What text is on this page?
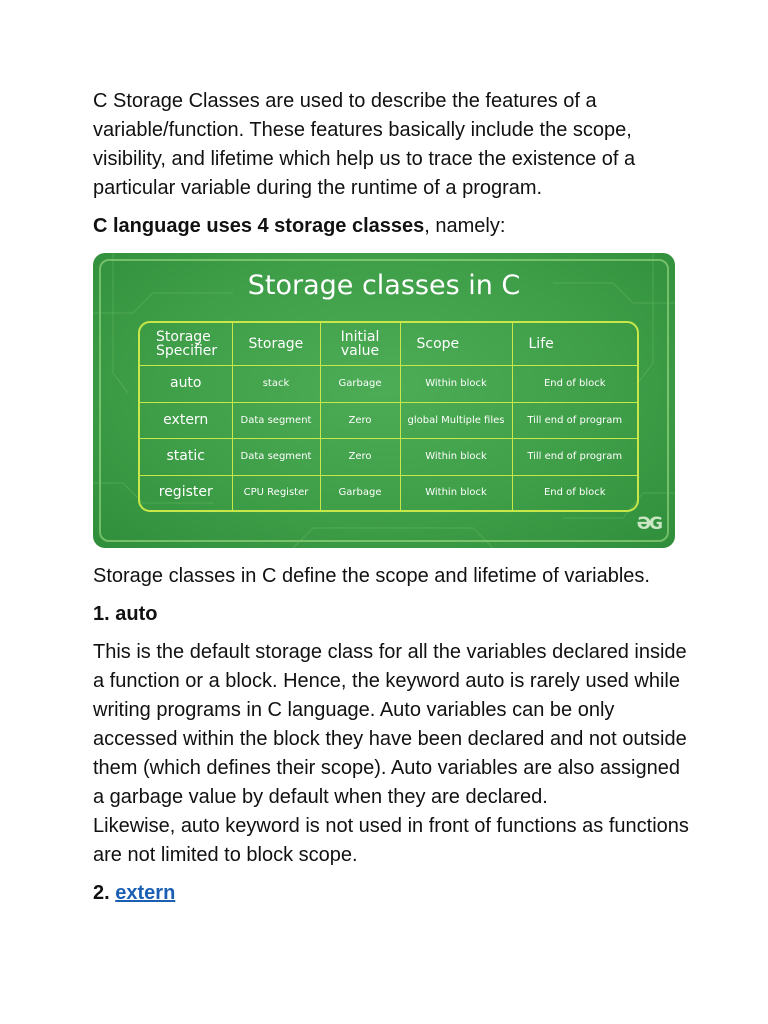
C Storage Classes are used to describe the features of a variable/function. These features basically include the scope, visibility, and lifetime which help us to trace the existence of a particular variable during the runtime of a program.

C language uses 4 storage classes, namely:

Storage classes in C
Storage Specifier	Storage	Initial value	Scope	Life
auto	stack	Garbage	Within block	End of block
extern	Data segment	Zero	global Multiple files	Till end of program
static	Data segment	Zero	Within block	Till end of program
register	CPU Register	Garbage	Within block	End of block
ƏG

Storage classes in C define the scope and lifetime of variables.

1. auto

This is the default storage class for all the variables declared inside a function or a block. Hence, the keyword auto is rarely used while writing programs in C language. Auto variables can be only accessed within the block they have been declared and not outside them (which defines their scope). Auto variables are also assigned a garbage value by default when they are declared.

Likewise, auto keyword is not used in front of functions as functions are not limited to block scope.

2. extern
